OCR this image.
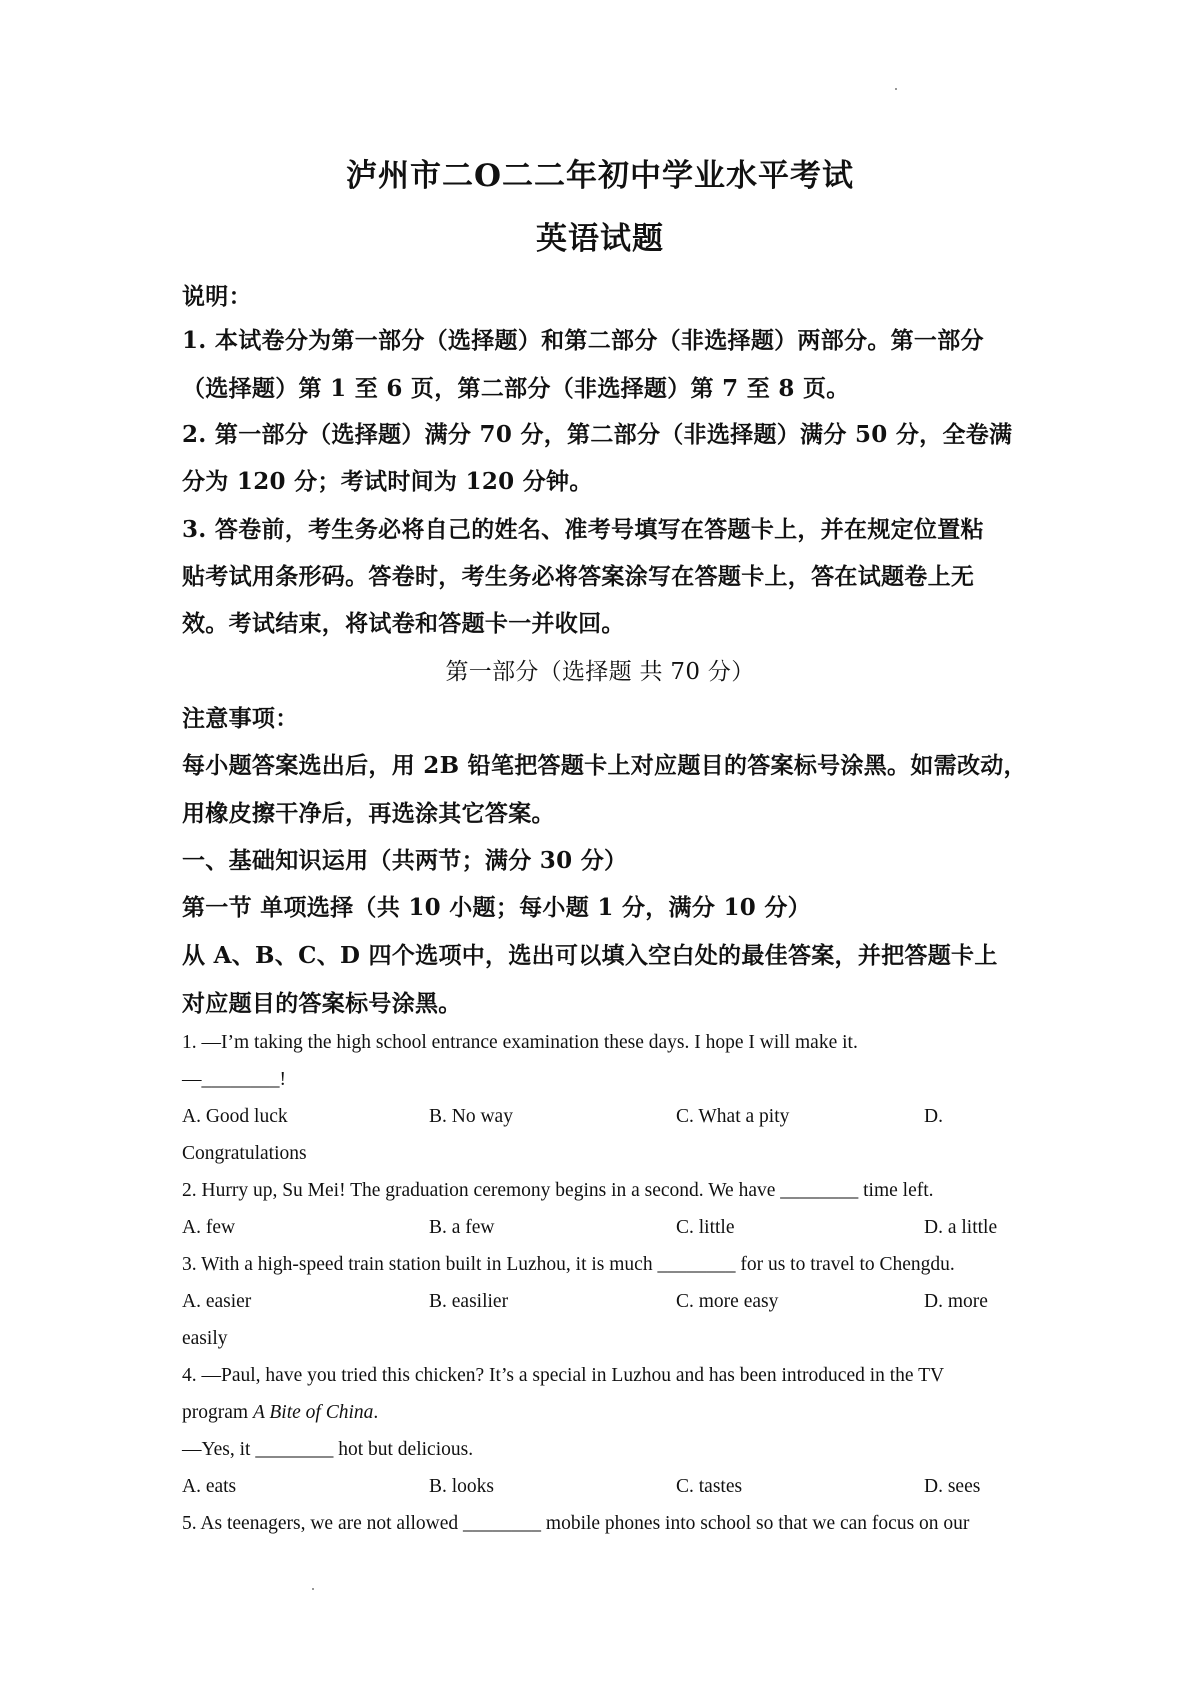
泸州市二O二二年初中学业水平考试
英语试题
说明：
1. 本试卷分为第一部分（选择题）和第二部分（非选择题）两部分。第一部分
（选择题）第 1 至 6 页，第二部分（非选择题）第 7 至 8 页。
2. 第一部分（选择题）满分 70 分，第二部分（非选择题）满分 50 分，全卷满
分为 120 分；考试时间为 120 分钟。
3. 答卷前，考生务必将自己的姓名、准考号填写在答题卡上，并在规定位置粘
贴考试用条形码。答卷时，考生务必将答案涂写在答题卡上，答在试题卷上无
效。考试结束，将试卷和答题卡一并收回。
第一部分（选择题 共 70 分）
注意事项：
每小题答案选出后，用 2B 铅笔把答题卡上对应题目的答案标号涂黑。如需改动，
用橡皮擦干净后，再选涂其它答案。
一、基础知识运用（共两节；满分 30 分）
第一节 单项选择（共 10 小题；每小题 1 分，满分 10 分）
从 A、B、C、D 四个选项中，选出可以填入空白处的最佳答案，并把答题卡上
对应题目的答案标号涂黑。
1. —I’m taking the high school entrance examination these days. I hope I will make it.
—________!
A. Good luck	B. No way	C. What a pity	D.
Congratulations
2. Hurry up, Su Mei! The graduation ceremony begins in a second. We have ________ time left.
A. few	B. a few	C. little	D. a little
3. With a high-speed train station built in Luzhou, it is much ________ for us to travel to Chengdu.
A. easier	B. easilier	C. more easy	D. more
easily
4. —Paul, have you tried this chicken? It’s a special in Luzhou and has been introduced in the TV
program A Bite of China.
—Yes, it ________ hot but delicious.
A. eats	B. looks	C. tastes	D. sees
5. As teenagers, we are not allowed ________ mobile phones into school so that we can focus on our
